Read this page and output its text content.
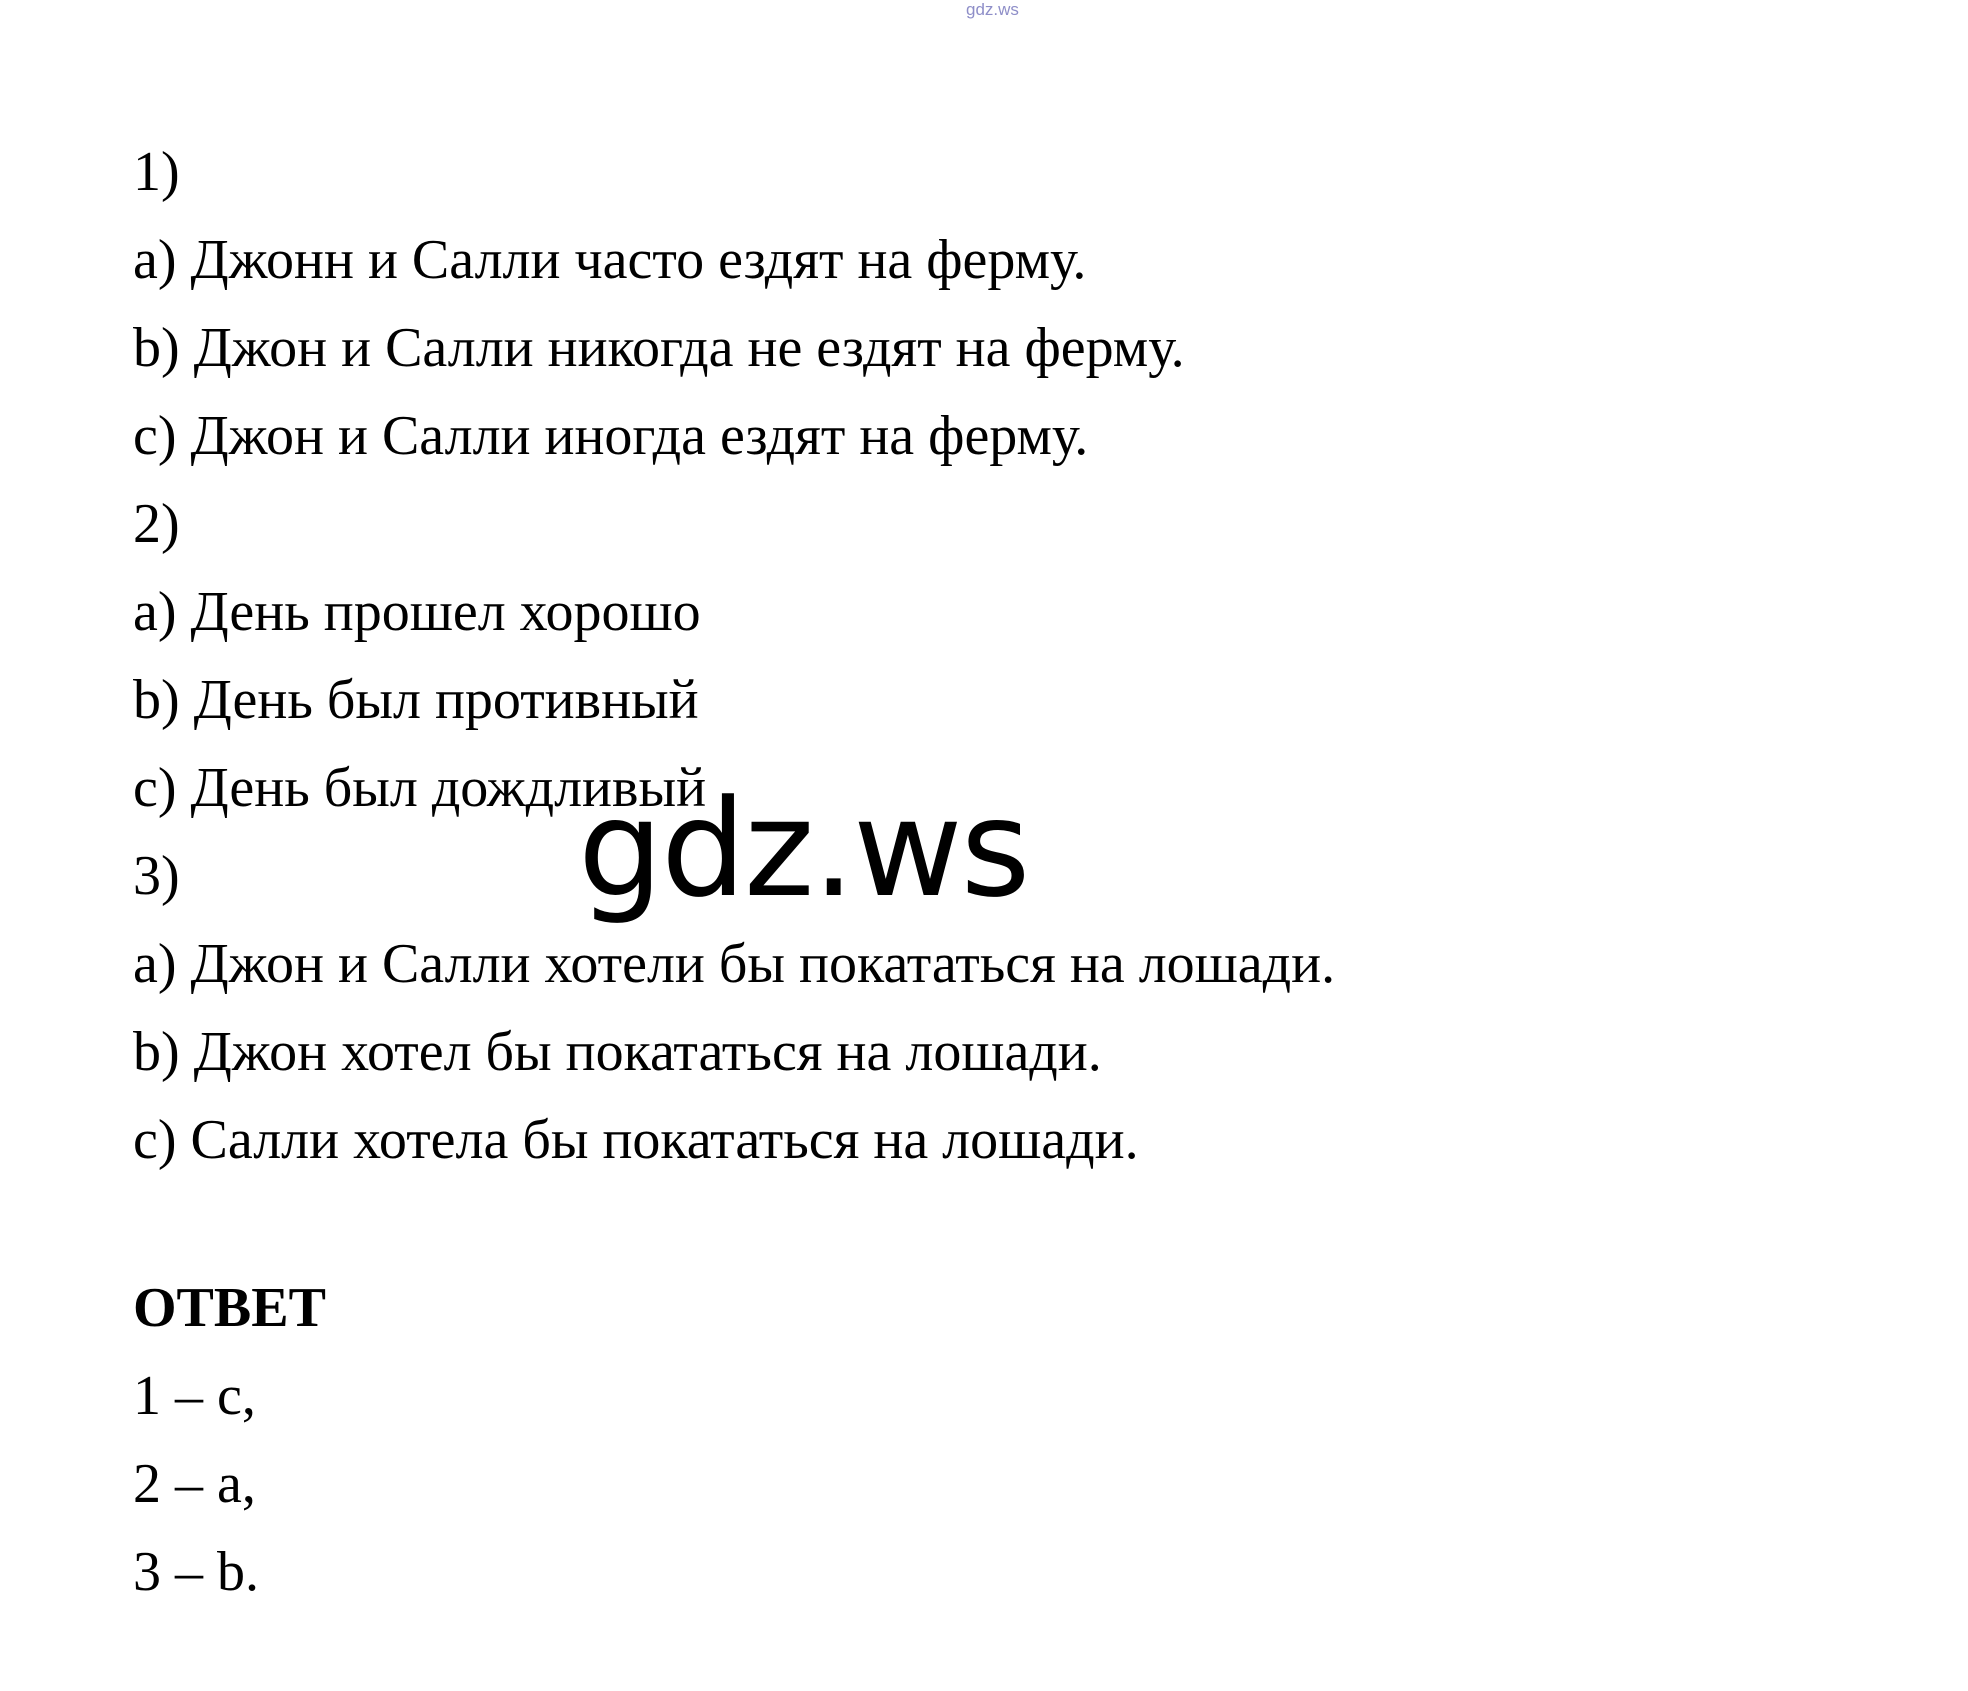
gdz.ws
1)
a) Джонн и Салли часто ездят на ферму.
b) Джон и Салли никогда не ездят на ферму.
c) Джон и Салли иногда ездят на ферму.
2)
a) День прошел хорошо
b) День был противный
c) День был дождливый
3)
a) Джон и Салли хотели бы покататься на лошади.
b) Джон хотел бы покататься на лошади.
c) Салли хотела бы покататься на лошади.
ОТВЕТ
1 – c,
2 – a,
3 – b.
gdz.ws
